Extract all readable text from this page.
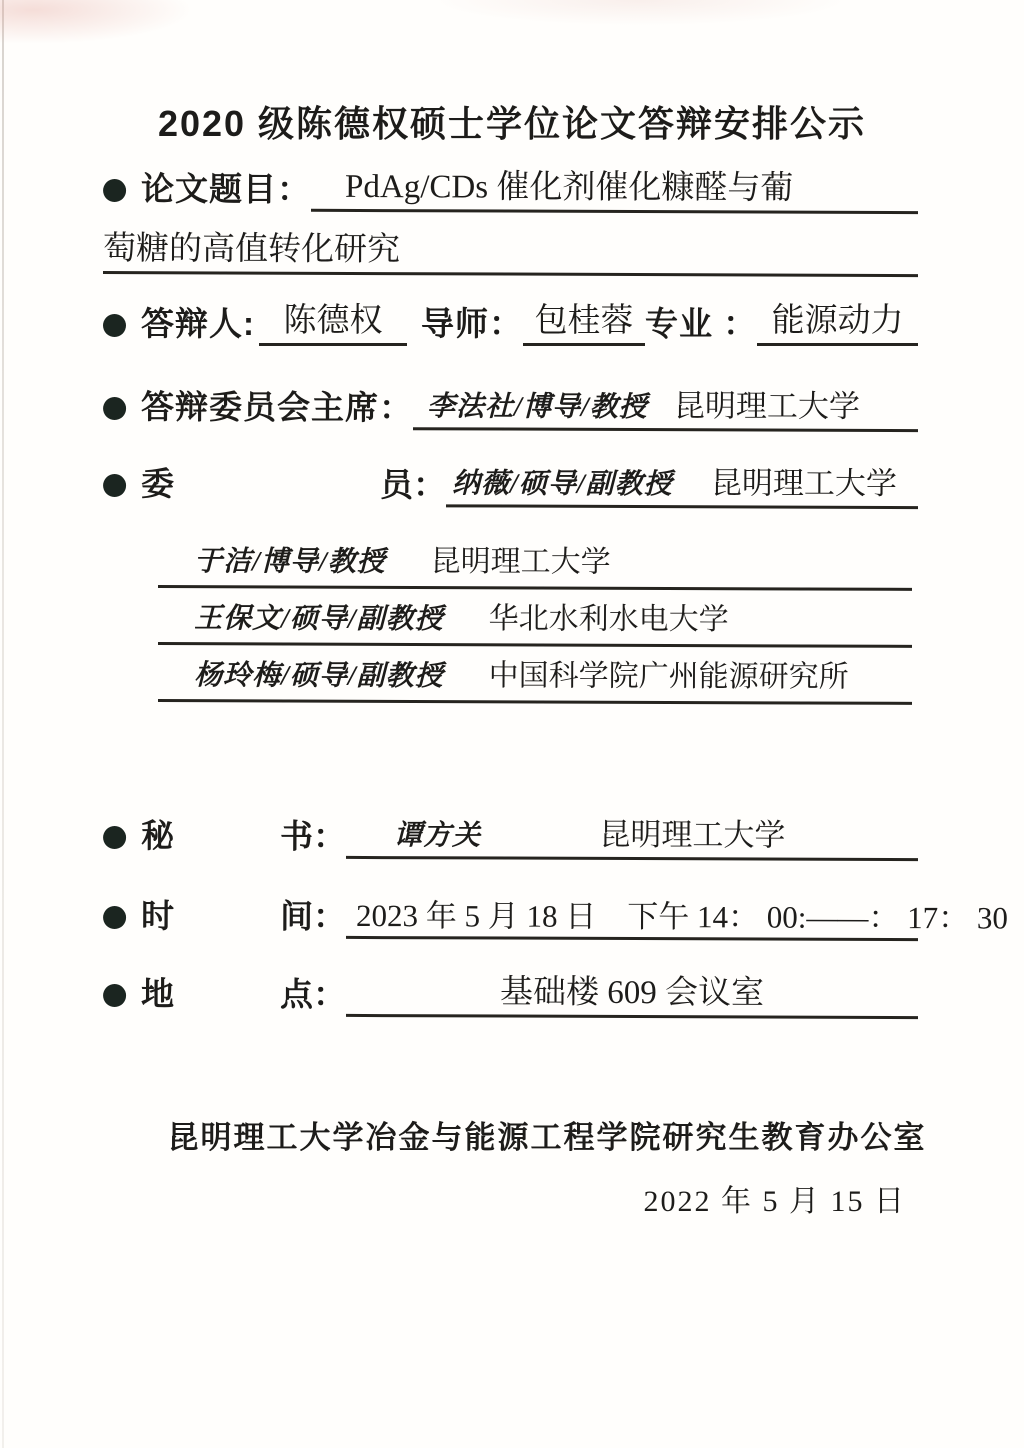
2020 级陈德权硕士学位论文答辩安排公示
论文题目：	PdAg/CDs 催化剂催化糠醛与葡
萄糖的高值转化研究
答辩人: 陈德权	导师： 包桂蓉 专业 ： 能源动力
答辩委员会主席： 李法社/博导/教授 昆明理工大学
委	员： 纳薇/硕导/副教授 昆明理工大学
于洁/博导/教授 昆明理工大学
王保文/硕导/副教授 华北水利水电大学
杨玲梅/硕导/副教授 中国科学院广州能源研究所
秘	书：	谭方关	昆明理工大学
时	间： 2023 年 5 月 18 日　下午 14： 00:——： 17： 30
地	点：	基础楼 609 会议室
昆明理工大学冶金与能源工程学院研究生教育办公室
2022 年 5 月 15 日
